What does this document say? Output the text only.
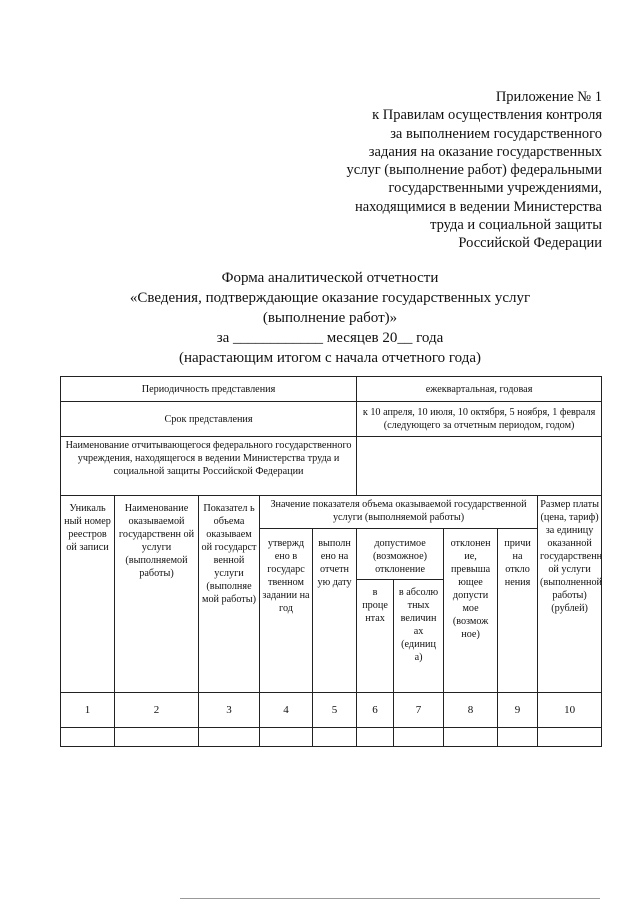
Приложение № 1
к Правилам осуществления контроля
за выполнением государственного
задания на оказание государственных
услуг (выполнение работ) федеральными
государственными учреждениями,
находящимися в ведении Министерства
труда и социальной защиты
Российской Федерации
Форма аналитической отчетности
«Сведения, подтверждающие оказание государственных услуг
(выполнение работ)»
за ____________ месяцев 20__ года
(нарастающим итогом с начала отчетного года)
Периодичность представления					ежеквартальная, годовая				
Срок представления					к 10 апреля, 10 июля, 10 октября, 5 ноября, 1 февраля (следующего за отчетным периодом, годом)				
Наименование отчитывающегося федерального государственного учреждения, находящегося в ведении Министерства труда и социальной защиты Российской Федерации									
Уникаль ный номер реестров ой записи	Наименование оказываемой государственн ой услуги (выполняемой работы)	Показател ь объема оказываем ой государст венной услуги (выполняе мой работы)	Значение показателя объема оказываемой государственной услуги (выполняемой работы)						Размер платы (цена, тариф) за единицу оказанной государственн ой услуги (выполненной работы) (рублей)
			утвержд ено в государс твенном задании на год	выполн ено на отчетн ую дату	допустимое (возможное) отклонение		отклонен ие, превыша ющее допусти мое (возмож ное)	причи на откло нения	
					в проце нтах	в абсолю тных величин ах (единиц а)			
1	2	3	4	5	6	7	8	9	10
